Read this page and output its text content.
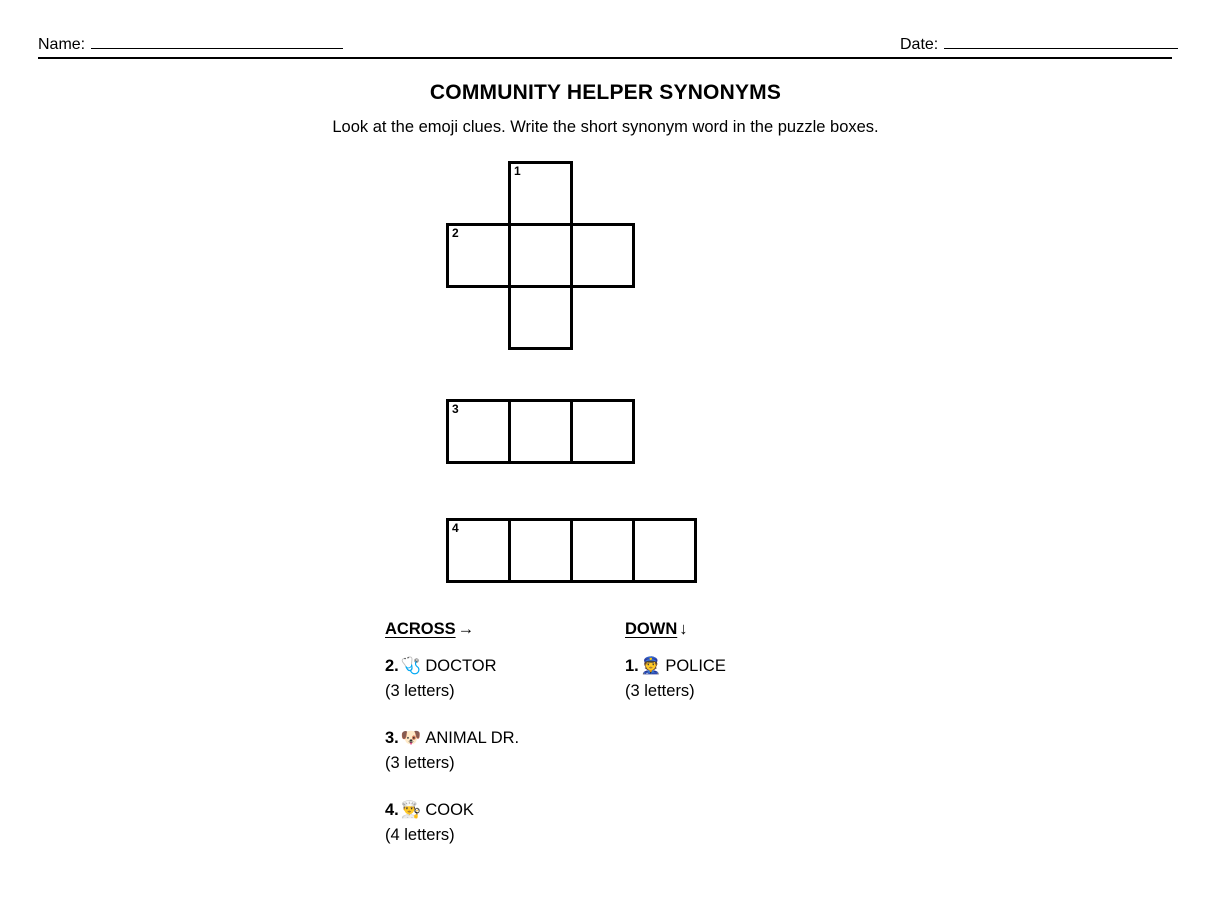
Name:	Date:
COMMUNITY HELPER SYNONYMS
Look at the emoji clues. Write the short synonym word in the puzzle boxes.
1
2
3
4
ACROSS →
2. 🩺 DOCTOR
(3 letters)
3. 🐶 ANIMAL DR.
(3 letters)
4. 👨‍🍳 COOK
(4 letters)
DOWN ↓
1. 👮 POLICE
(3 letters)
